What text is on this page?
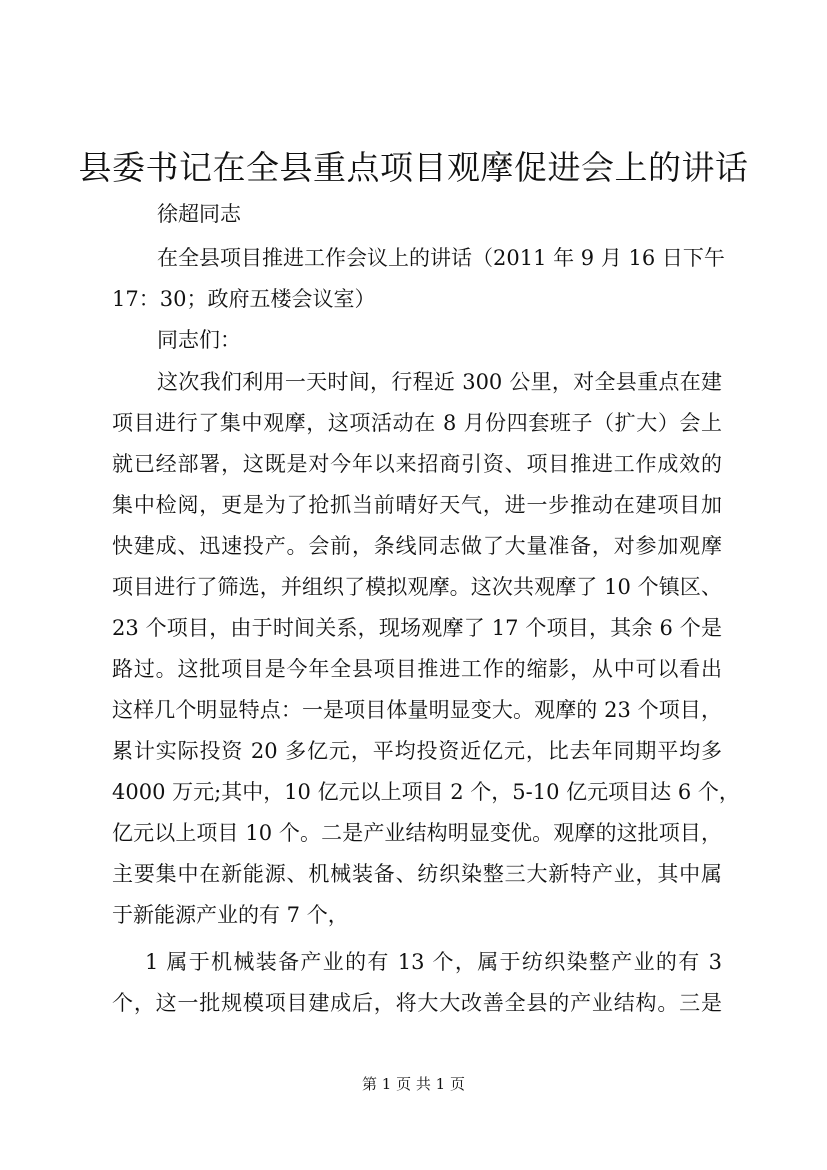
县委书记在全县重点项目观摩促进会上的讲话
徐超同志
在全县项目推进工作会议上的讲话（2011 年 9 月 16 日下午
17：30；政府五楼会议室）
同志们：
这次我们利用一天时间，行程近 300 公里，对全县重点在建
项目进行了集中观摩，这项活动在 8 月份四套班子（扩大）会上
就已经部署，这既是对今年以来招商引资、项目推进工作成效的
集中检阅，更是为了抢抓当前晴好天气，进一步推动在建项目加
快建成、迅速投产。会前，条线同志做了大量准备，对参加观摩
项目进行了筛选，并组织了模拟观摩。这次共观摩了 10 个镇区、
23 个项目，由于时间关系，现场观摩了 17 个项目，其余 6 个是
路过。这批项目是今年全县项目推进工作的缩影，从中可以看出
这样几个明显特点：一是项目体量明显变大。观摩的 23 个项目，
累计实际投资 20 多亿元，平均投资近亿元，比去年同期平均多
4000 万元;其中，10 亿元以上项目 2 个，5-10 亿元项目达 6 个，
亿元以上项目 10 个。二是产业结构明显变优。观摩的这批项目，
主要集中在新能源、机械装备、纺织染整三大新特产业，其中属
于新能源产业的有 7 个，
1 属于机械装备产业的有 13 个，属于纺织染整产业的有 3
个，这一批规模项目建成后，将大大改善全县的产业结构。三是
第 1 页 共 1 页
